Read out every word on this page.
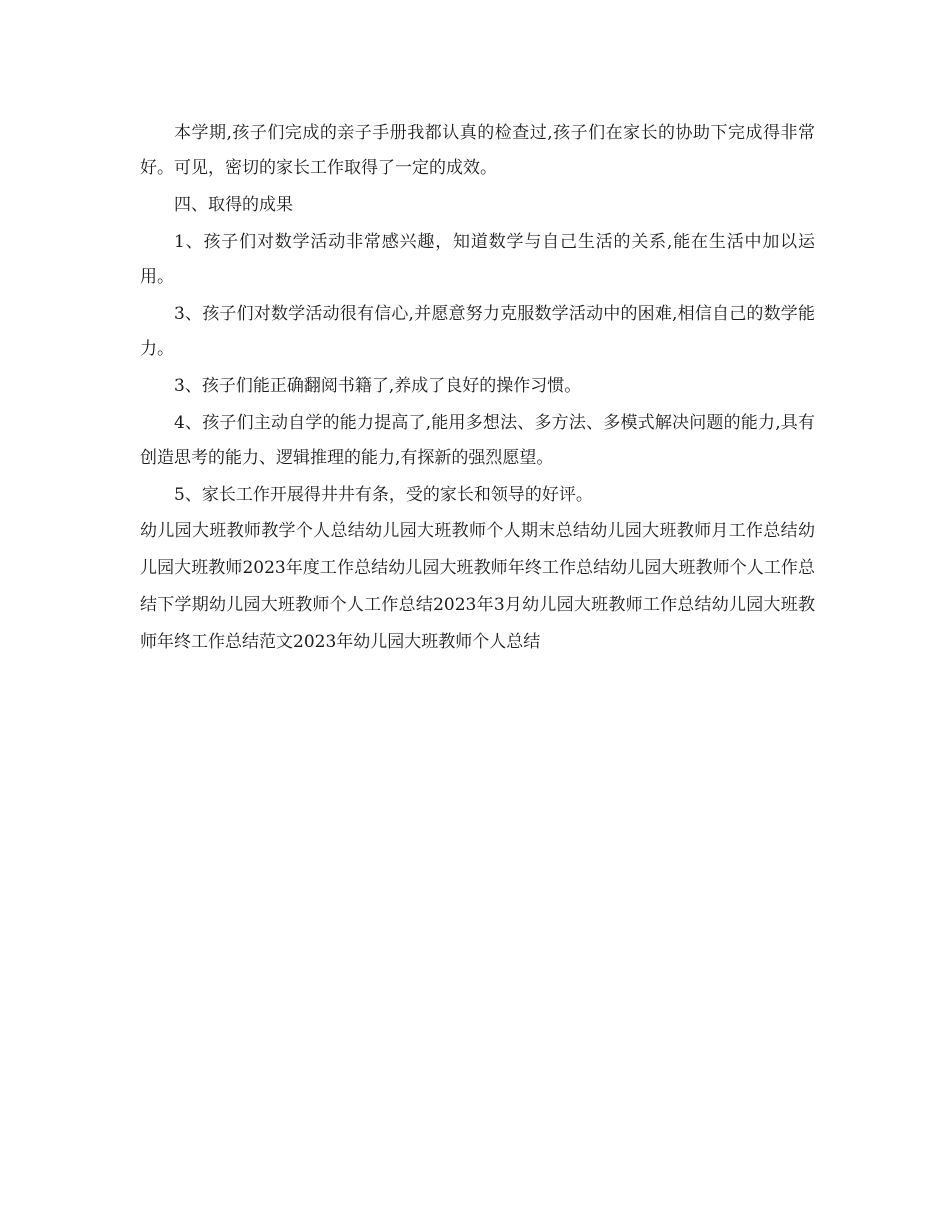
本学期,孩子们完成的亲子手册我都认真的检查过,孩子们在家长的协助下完成得非常好。可见，密切的家长工作取得了一定的成效。

四、取得的成果

1、孩子们对数学活动非常感兴趣，知道数学与自己生活的关系,能在生活中加以运用。

3、孩子们对数学活动很有信心,并愿意努力克服数学活动中的困难,相信自己的数学能力。

3、孩子们能正确翻阅书籍了,养成了良好的操作习惯。

4、孩子们主动自学的能力提高了,能用多想法、多方法、多模式解决问题的能力,具有创造思考的能力、逻辑推理的能力,有探新的强烈愿望。

5、家长工作开展得井井有条，受的家长和领导的好评。

幼儿园大班教师教学个人总结幼儿园大班教师个人期末总结幼儿园大班教师月工作总结幼儿园大班教师2023年度工作总结幼儿园大班教师年终工作总结幼儿园大班教师个人工作总结下学期幼儿园大班教师个人工作总结2023年3月幼儿园大班教师工作总结幼儿园大班教师年终工作总结范文2023年幼儿园大班教师个人总结
